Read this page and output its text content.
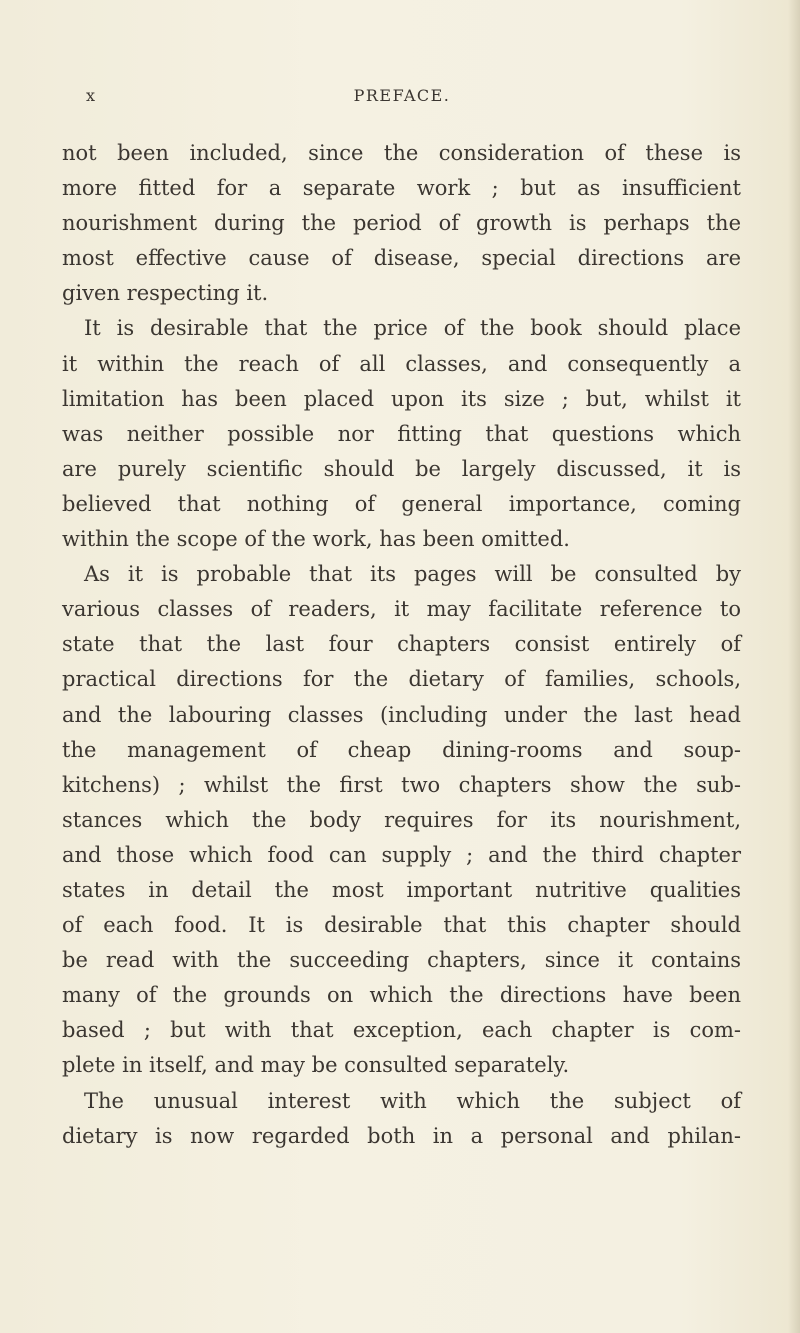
x	PREFACE.
not been included, since the consideration of these is
more fitted for a separate work ; but as insufficient
nourishment during the period of growth is perhaps the
most effective cause of disease, special directions are
given respecting it.
It is desirable that the price of the book should place
it within the reach of all classes, and consequently a
limitation has been placed upon its size ; but, whilst it
was neither possible nor fitting that questions which
are purely scientific should be largely discussed, it is
believed that nothing of general importance, coming
within the scope of the work, has been omitted.
As it is probable that its pages will be consulted by
various classes of readers, it may facilitate reference to
state that the last four chapters consist entirely of
practical directions for the dietary of families, schools,
and the labouring classes (including under the last head
the management of cheap dining-rooms and soup-
kitchens) ; whilst the first two chapters show the sub-
stances which the body requires for its nourishment,
and those which food can supply ; and the third chapter
states in detail the most important nutritive qualities
of each food. It is desirable that this chapter should
be read with the succeeding chapters, since it contains
many of the grounds on which the directions have been
based ; but with that exception, each chapter is com-
plete in itself, and may be consulted separately.
The unusual interest with which the subject of
dietary is now regarded both in a personal and philan-
